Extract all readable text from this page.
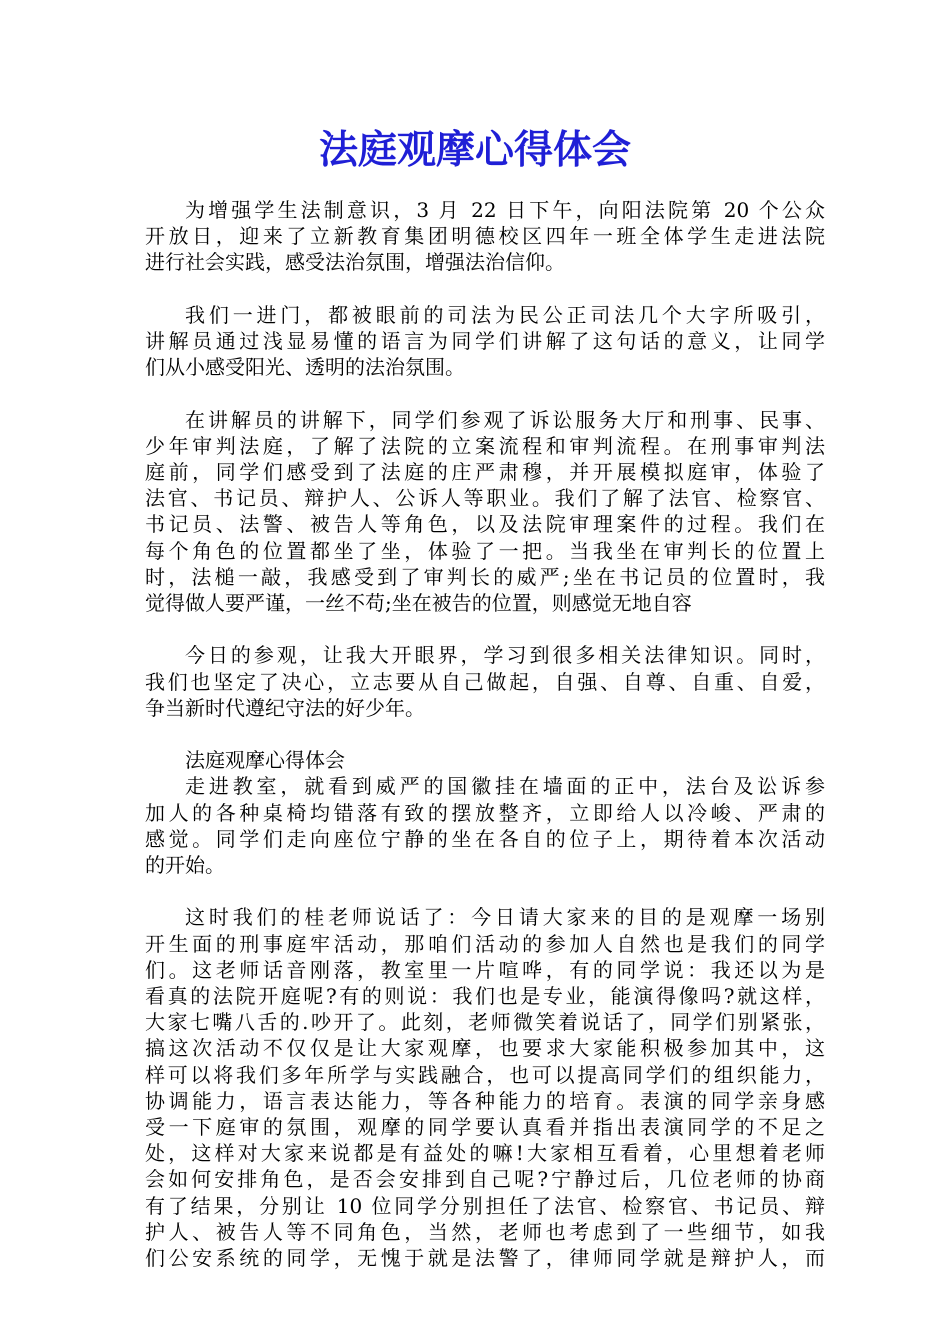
法庭观摩心得体会
为增强学生法制意识，3 月 22 日下午，向阳法院第 20 个公众
开放日，迎来了立新教育集团明德校区四年一班全体学生走进法院
进行社会实践，感受法治氛围，增强法治信仰。
我们一进门，都被眼前的司法为民公正司法几个大字所吸引，
讲解员通过浅显易懂的语言为同学们讲解了这句话的意义，让同学
们从小感受阳光、透明的法治氛围。
在讲解员的讲解下，同学们参观了诉讼服务大厅和刑事、民事、
少年审判法庭，了解了法院的立案流程和审判流程。在刑事审判法
庭前，同学们感受到了法庭的庄严肃穆，并开展模拟庭审，体验了
法官、书记员、辩护人、公诉人等职业。我们了解了法官、检察官、
书记员、法警、被告人等角色，以及法院审理案件的过程。我们在
每个角色的位置都坐了坐，体验了一把。当我坐在审判长的位置上
时，法槌一敲，我感受到了审判长的威严;坐在书记员的位置时，我
觉得做人要严谨，一丝不苟;坐在被告的位置，则感觉无地自容
今日的参观，让我大开眼界，学习到很多相关法律知识。同时，
我们也坚定了决心，立志要从自己做起，自强、自尊、自重、自爱，
争当新时代遵纪守法的好少年。
法庭观摩心得体会
走进教室，就看到威严的国徽挂在墙面的正中，法台及讼诉参
加人的各种桌椅均错落有致的摆放整齐，立即给人以冷峻、严肃的
感觉。同学们走向座位宁静的坐在各自的位子上，期待着本次活动
的开始。
这时我们的桂老师说话了：今日请大家来的目的是观摩一场别
开生面的刑事庭牢活动，那咱们活动的参加人自然也是我们的同学
们。这老师话音刚落，教室里一片喧哗，有的同学说：我还以为是
看真的法院开庭呢?有的则说：我们也是专业，能演得像吗?就这样，
大家七嘴八舌的.吵开了。此刻，老师微笑着说话了，同学们别紧张，
搞这次活动不仅仅是让大家观摩，也要求大家能积极参加其中，这
样可以将我们多年所学与实践融合，也可以提高同学们的组织能力，
协调能力，语言表达能力，等各种能力的培育。表演的同学亲身感
受一下庭审的氛围，观摩的同学要认真看并指出表演同学的不足之
处，这样对大家来说都是有益处的嘛!大家相互看着，心里想着老师
会如何安排角色，是否会安排到自己呢?宁静过后，几位老师的协商
有了结果，分别让 10 位同学分别担任了法官、检察官、书记员、辩
护人、被告人等不同角色，当然，老师也考虑到了一些细节，如我
们公安系统的同学，无愧于就是法警了，律师同学就是辩护人，而
